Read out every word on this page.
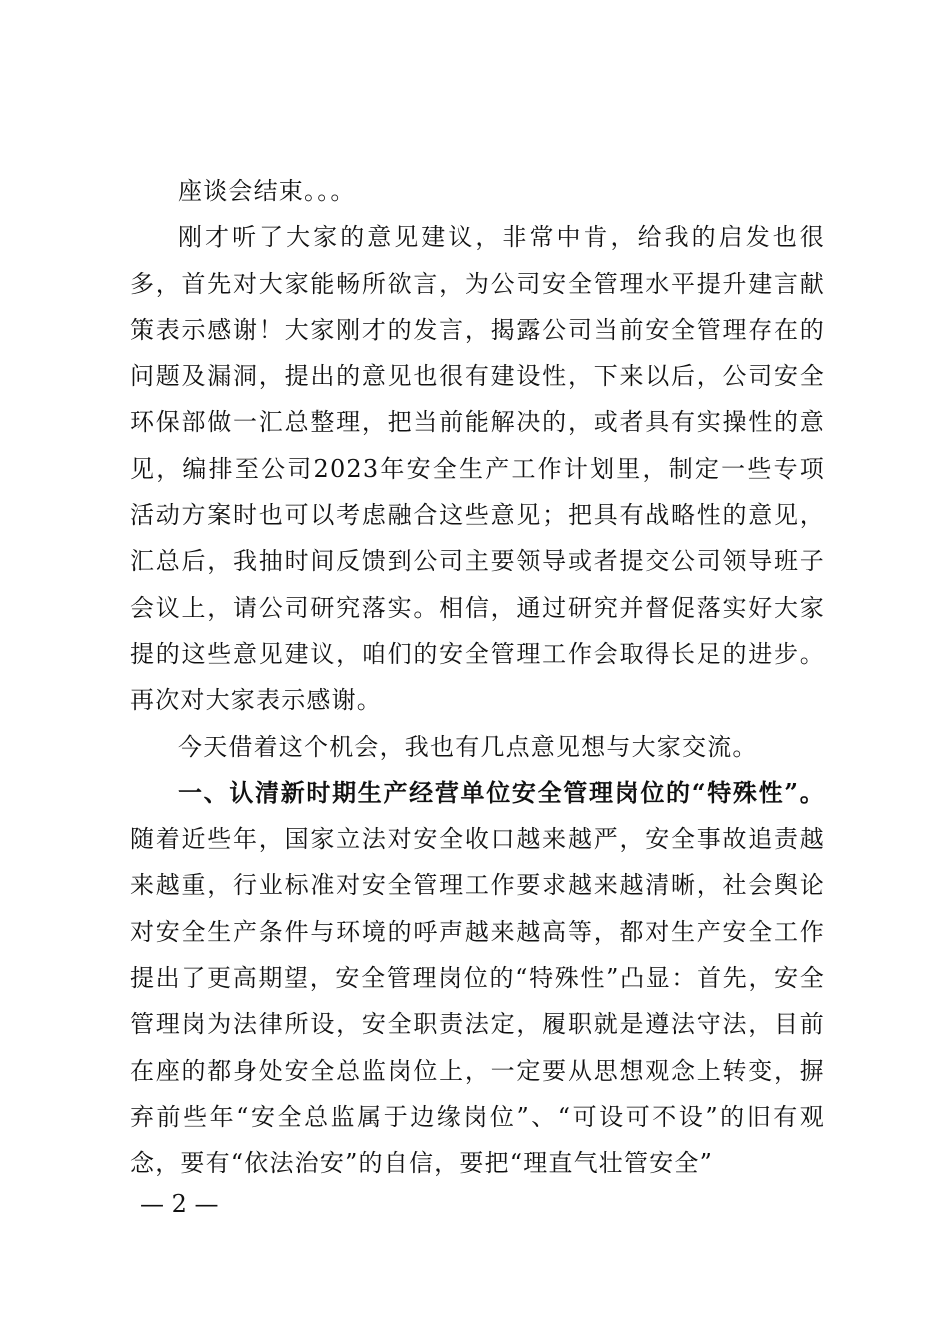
座谈会结束。。。

刚才听了大家的意见建议，非常中肯，给我的启发也很多，首先对大家能畅所欲言，为公司安全管理水平提升建言献策表示感谢！大家刚才的发言，揭露公司当前安全管理存在的问题及漏洞，提出的意见也很有建设性，下来以后，公司安全环保部做一汇总整理，把当前能解决的，或者具有实操性的意见，编排至公司2023年安全生产工作计划里，制定一些专项活动方案时也可以考虑融合这些意见；把具有战略性的意见，汇总后，我抽时间反馈到公司主要领导或者提交公司领导班子会议上，请公司研究落实。相信，通过研究并督促落实好大家提的这些意见建议，咱们的安全管理工作会取得长足的进步。再次对大家表示感谢。

今天借着这个机会，我也有几点意见想与大家交流。

一、认清新时期生产经营单位安全管理岗位的“特殊性”。随着近些年，国家立法对安全收口越来越严，安全事故追责越来越重，行业标准对安全管理工作要求越来越清晰，社会舆论对安全生产条件与环境的呼声越来越高等，都对生产安全工作提出了更高期望，安全管理岗位的“特殊性”凸显：首先，安全管理岗为法律所设，安全职责法定，履职就是遵法守法，目前在座的都身处安全总监岗位上，一定要从思想观念上转变，摒弃前些年“安全总监属于边缘岗位”、“可设可不设”的旧有观念，要有“依法治安”的自信，要把“理直气壮管安全”

— 2 —
